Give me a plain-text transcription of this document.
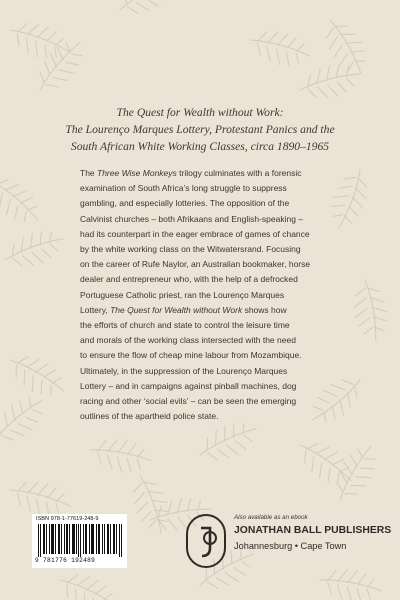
The Quest for Wealth without Work:
The Lourenço Marques Lottery, Protestant Panics and the
South African White Working Classes, circa 1890–1965
The Three Wise Monkeys trilogy culminates with a forensic
examination of South Africa’s long struggle to suppress
gambling, and especially lotteries. The opposition of the
Calvinist churches – both Afrikaans and English-speaking –
had its counterpart in the eager embrace of games of chance
by the white working class on the Witwatersrand. Focusing
on the career of Rufe Naylor, an Australian bookmaker, horse
dealer and entrepreneur who, with the help of a defrocked
Portuguese Catholic priest, ran the Lourenço Marques
Lottery, The Quest for Wealth without Work shows how
the efforts of church and state to control the leisure time
and morals of the working class intersected with the need
to ensure the flow of cheap mine labour from Mozambique.
Ultimately, in the suppression of the Lourenço Marques
Lottery – and in campaigns against pinball machines, dog
racing and other ‘social evils’ – can be seen the emerging
outlines of the apartheid police state.
ISBN 978-1-77619-248-9
9 781776 192489
Also available as an ebook
JONATHAN BALL PUBLISHERS
Johannesburg • Cape Town
